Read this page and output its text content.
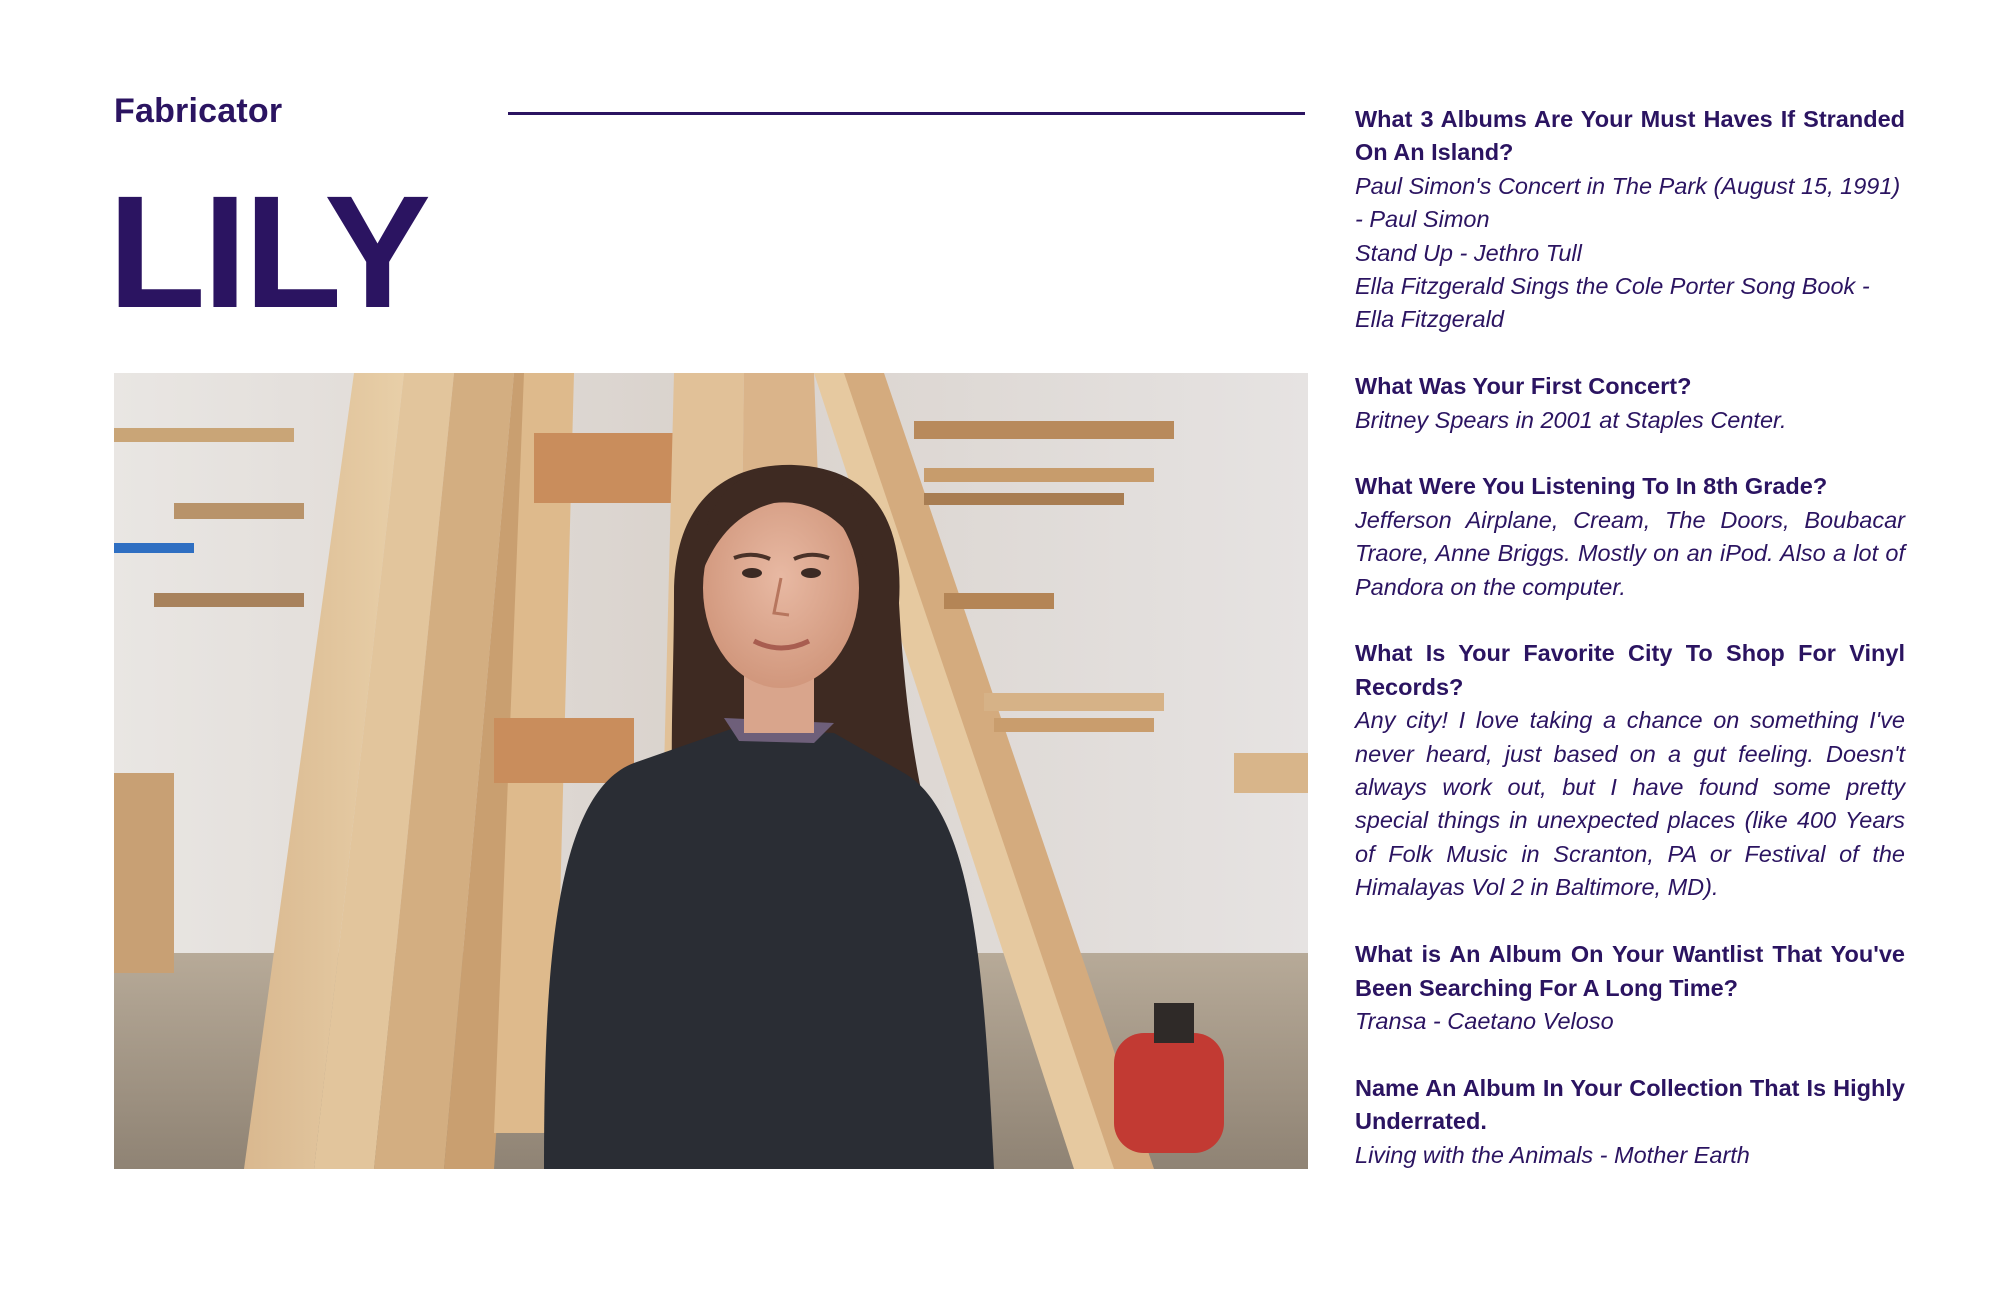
Fabricator
LILY

What 3 Albums Are Your Must Haves If Stranded On An Island?

Paul Simon's Concert in The Park (August 15, 1991) - Paul Simon
Stand Up - Jethro Tull
Ella Fitzgerald Sings the Cole Porter Song Book - Ella Fitzgerald

What Was Your First Concert?

Britney Spears in 2001 at Staples Center.

What Were You Listening To In 8th Grade?

Jefferson Airplane, Cream, The Doors, Boubacar Traore, Anne Briggs. Mostly on an iPod. Also a lot of Pandora on the computer.

What Is Your Favorite City To Shop For Vinyl Records?

Any city! I love taking a chance on something I've never heard, just based on a gut feeling. Doesn't always work out, but I have found some pretty special things in unexpected places (like 400 Years of Folk Music in Scranton, PA or Festival of the Himalayas Vol 2 in Baltimore, MD).

What is An Album On Your Wantlist That You've Been Searching For A Long Time?

Transa - Caetano Veloso

Name An Album In Your Collection That Is Highly Underrated.

Living with the Animals - Mother Earth
